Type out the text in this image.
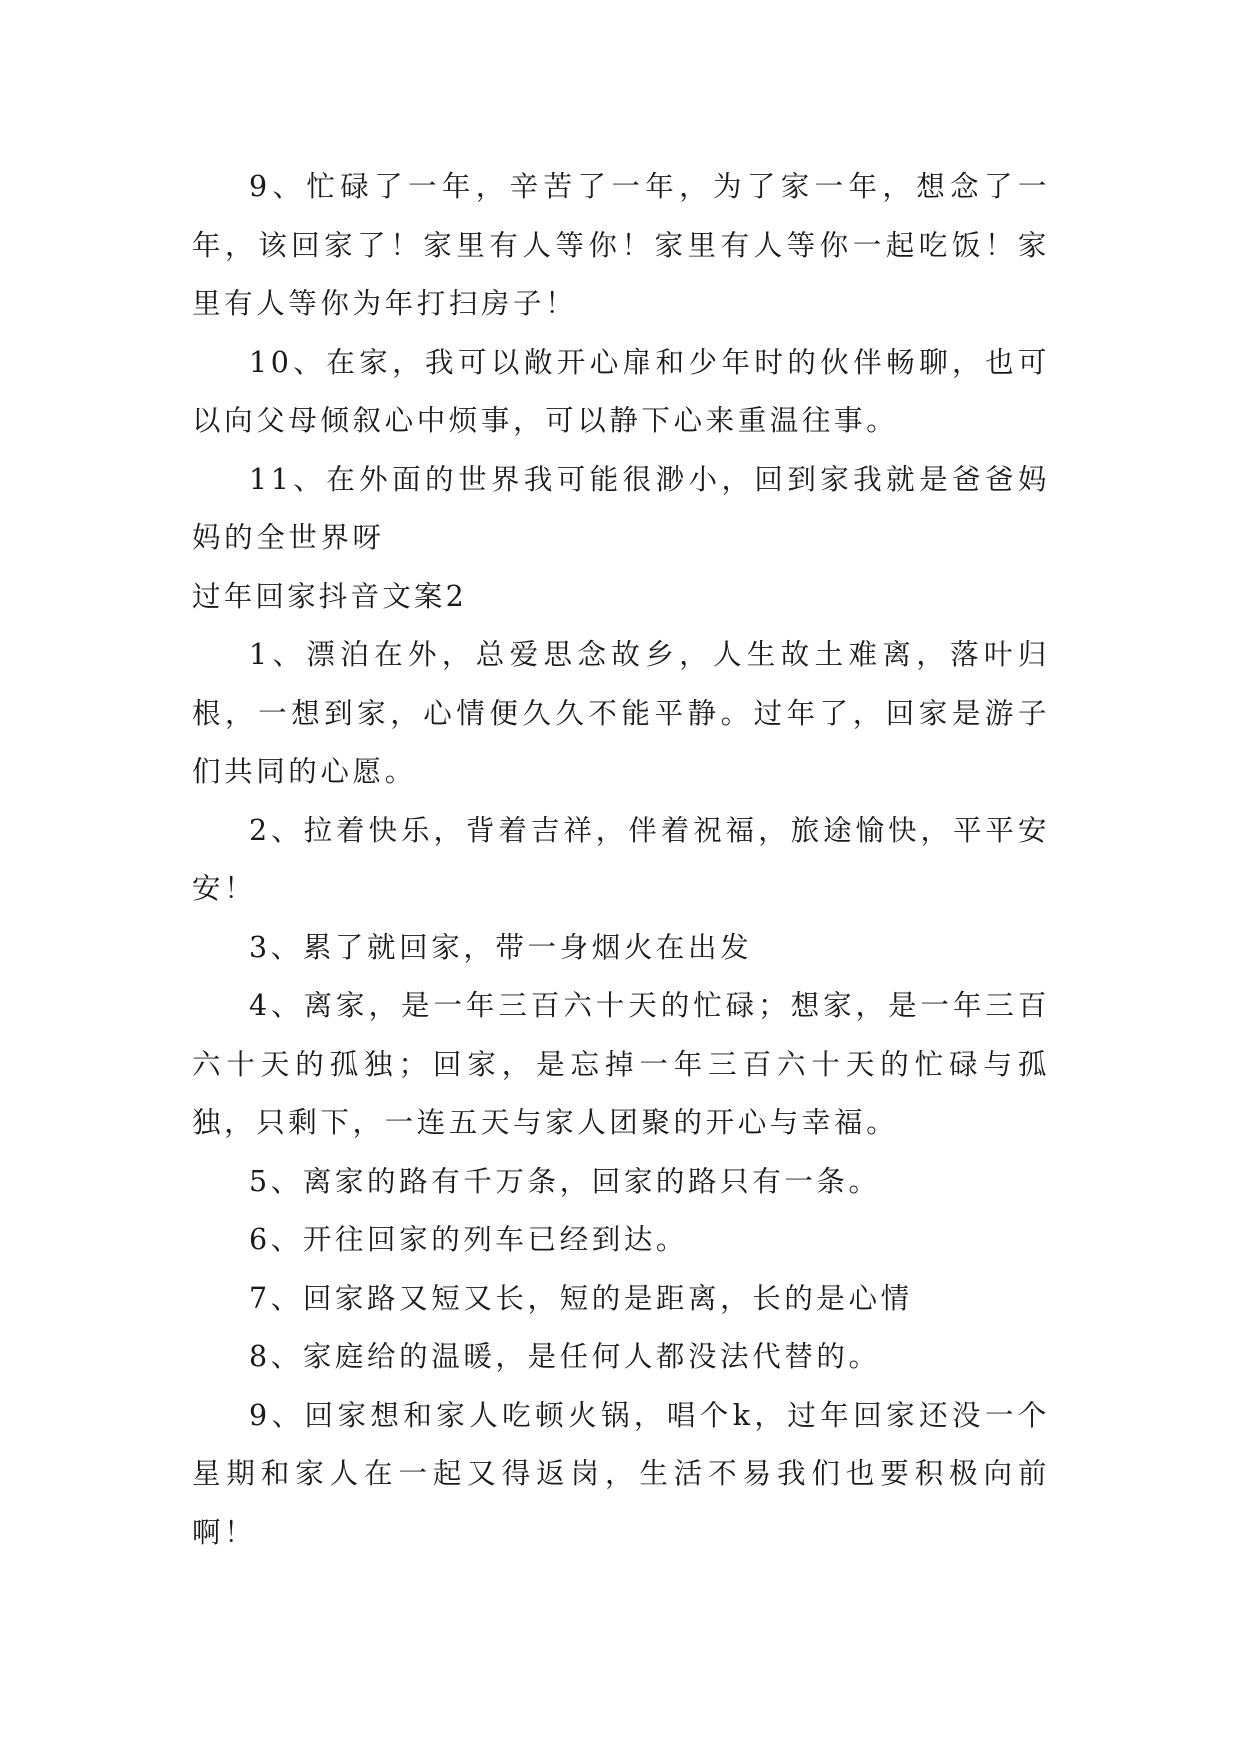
9、忙碌了一年，辛苦了一年，为了家一年，想念了一年，该回家了！家里有人等你！家里有人等你一起吃饭！家里有人等你为年打扫房子！

10、在家，我可以敞开心扉和少年时的伙伴畅聊，也可以向父母倾叙心中烦事，可以静下心来重温往事。

11、在外面的世界我可能很渺小，回到家我就是爸爸妈妈的全世界呀

过年回家抖音文案2

1、漂泊在外，总爱思念故乡，人生故土难离，落叶归根，一想到家，心情便久久不能平静。过年了，回家是游子们共同的心愿。

2、拉着快乐，背着吉祥，伴着祝福，旅途愉快，平平安安！

3、累了就回家，带一身烟火在出发

4、离家，是一年三百六十天的忙碌；想家，是一年三百六十天的孤独；回家，是忘掉一年三百六十天的忙碌与孤独，只剩下，一连五天与家人团聚的开心与幸福。

5、离家的路有千万条，回家的路只有一条。

6、开往回家的列车已经到达。

7、回家路又短又长，短的是距离，长的是心情

8、家庭给的温暖，是任何人都没法代替的。

9、回家想和家人吃顿火锅，唱个k，过年回家还没一个星期和家人在一起又得返岗，生活不易我们也要积极向前啊！
